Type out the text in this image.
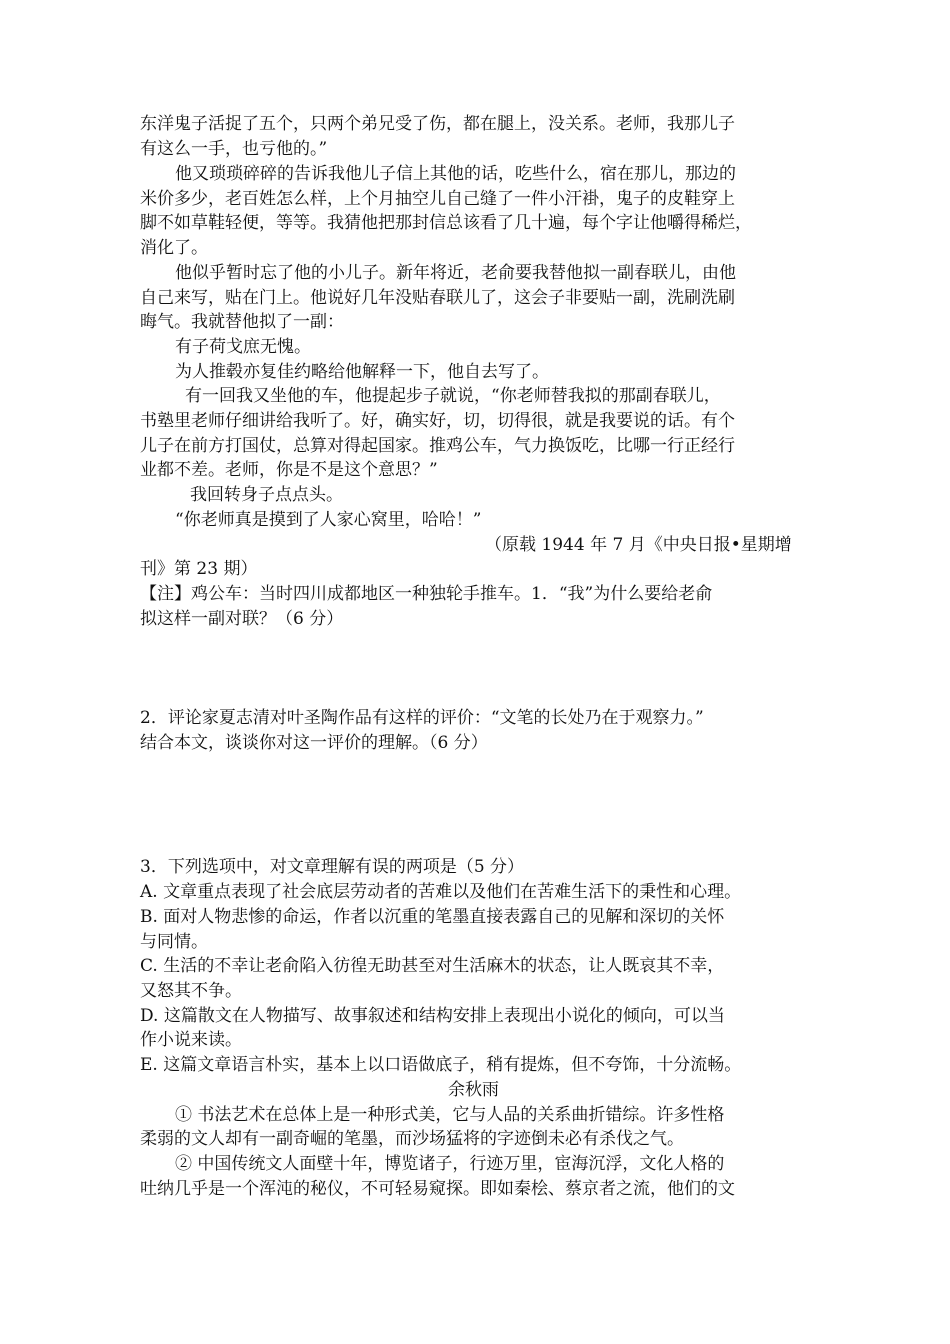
东洋鬼子活捉了五个，只两个弟兄受了伤，都在腿上，没关系。老师，我那儿子
有这么一手，也亏他的。”
他又琐琐碎碎的告诉我他儿子信上其他的话，吃些什么，宿在那儿，那边的
米价多少，老百姓怎么样，上个月抽空儿自己缝了一件小汗褂，鬼子的皮鞋穿上
脚不如草鞋轻便，等等。我猜他把那封信总该看了几十遍，每个字让他嚼得稀烂，
消化了。
他似乎暂时忘了他的小儿子。新年将近，老俞要我替他拟一副春联儿，由他
自己来写，贴在门上。他说好几年没贴春联儿了，这会子非要贴一副，洗刷洗刷
晦气。我就替他拟了一副：
有子荷戈庶无愧。
为人推毂亦复佳约略给他解释一下，他自去写了。
有一回我又坐他的车，他提起步子就说，“你老师替我拟的那副春联儿，
书塾里老师仔细讲给我听了。好，确实好，切，切得很，就是我要说的话。有个
儿子在前方打国仗，总算对得起国家。推鸡公车，气力换饭吃，比哪一行正经行
业都不差。老师，你是不是这个意思？”
我回转身子点点头。
“你老师真是摸到了人家心窝里，哈哈！”
（原载 1944 年 7 月《中央日报•星期增
刊》第 23 期）
【注】鸡公车：当时四川成都地区一种独轮手推车。1．“我”为什么要给老俞
拟这样一副对联？（6 分）
2．评论家夏志清对叶圣陶作品有这样的评价：“文笔的长处乃在于观察力。”
结合本文，谈谈你对这一评价的理解。（6 分）
3．下列选项中，对文章理解有误的两项是（5 分）
A. 文章重点表现了社会底层劳动者的苦难以及他们在苦难生活下的秉性和心理。
B. 面对人物悲惨的命运，作者以沉重的笔墨直接表露自己的见解和深切的关怀
与同情。
C. 生活的不幸让老俞陷入彷徨无助甚至对生活麻木的状态，让人既哀其不幸，
又怒其不争。
D. 这篇散文在人物描写、故事叙述和结构安排上表现出小说化的倾向，可以当
作小说来读。
E. 这篇文章语言朴实，基本上以口语做底子，稍有提炼，但不夸饰，十分流畅。
余秋雨
① 书法艺术在总体上是一种形式美，它与人品的关系曲折错综。许多性格
柔弱的文人却有一副奇崛的笔墨，而沙场猛将的字迹倒未必有杀伐之气。
② 中国传统文人面壁十年，博览诸子，行迹万里，宦海沉浮，文化人格的
吐纳几乎是一个浑沌的秘仪，不可轻易窥探。即如秦桧、蔡京者之流，他们的文
